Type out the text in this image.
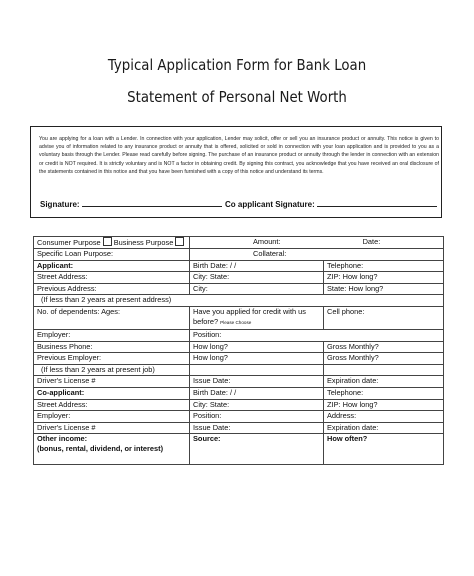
Typical Application Form for Bank Loan
Statement of Personal Net Worth
You are applying for a loan with a Lender. In connection with your application, Lender may solicit, offer or sell you an insurance product or annuity. This notice is given to advise you of information related to any insurance product or annuity that is offered, solicited or sold in connection with your loan application and is provided to you as a voluntary basis through the Lender. Please read carefully before signing. The purchase of an insurance product or annuity through the lender in connection with an extension or credit is NOT required. It is strictly voluntary and is NOT a factor in obtaining credit. By signing this contract, you acknowledge that you have received an oral disclosure of the statements contained in this notice and that you have been furnished with a copy of this notice and understand its terms.
Signature:	Co applicant Signature:
Consumer Purpose Business Purpose	Amount: Date:	
Specific Loan Purpose:	Collateral:	
Applicant:	Birth Date: / /	Telephone:
Street Address:	City: State:	ZIP: How long?
Previous Address:	City:	State: How long?
(If less than 2 years at present address)		
No. of dependents: Ages:	Have you applied for credit with us before? Please Choose	Cell phone:
Employer:	Position:	
Business Phone:	How long?	Gross Monthly?
Previous Employer:	How long?	Gross Monthly?
(If less than 2 years at present job)		
Driver's License #	Issue Date:	Expiration date:
Co-applicant:	Birth Date: / /	Telephone:
Street Address:	City: State:	ZIP: How long?
Employer:	Position:	Address:
Driver's License #	Issue Date:	Expiration date:

Other income:
(bonus, rental, dividend, or interest)	Source:	How often?
